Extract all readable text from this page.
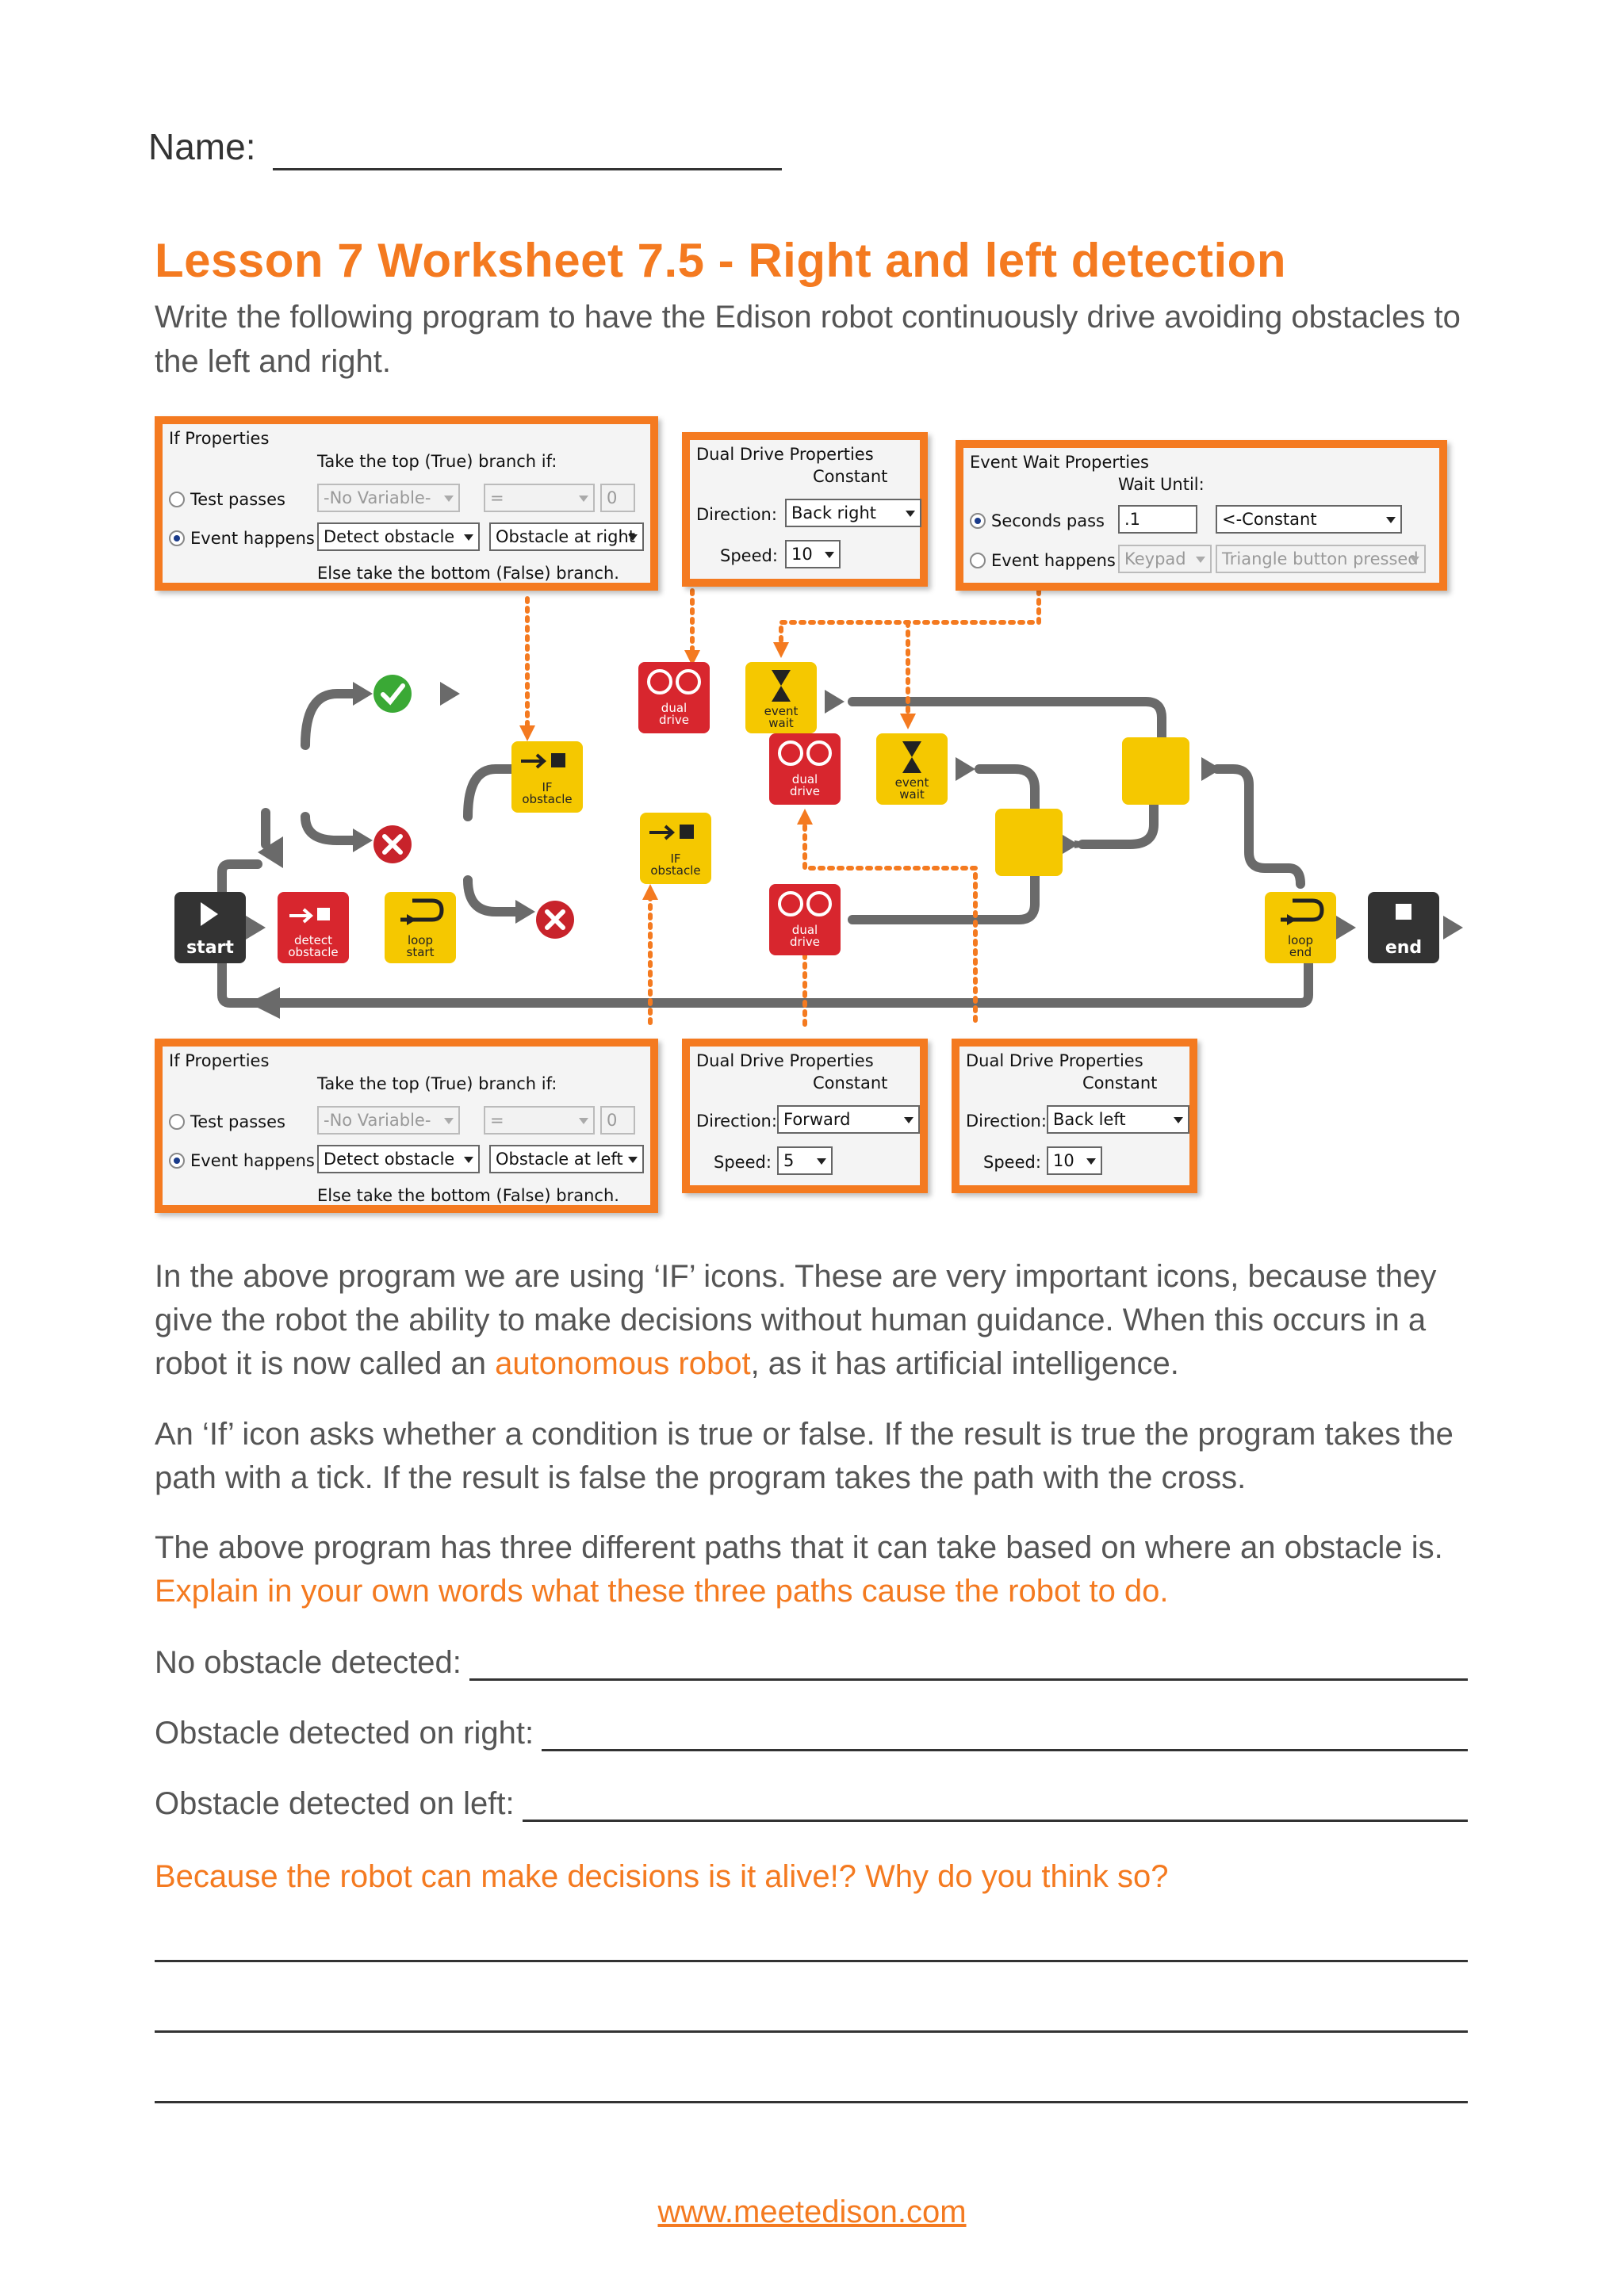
Name:
Lesson 7 Worksheet 7.5 - Right and left detection
Write the following program to have the Edison robot continuously drive avoiding obstacles to the left and right.
start	detect
obstacle
loop
start
IF
obstacle
dual
drive
event
wait
IF
obstacle
dual
drive
event
wait
dual
drive	loop
end	end
If Properties
Take the top (True) branch if:
Test passes	-No Variable-	=	0
Event happens Detect obstacle	Obstacle at right
Else take the bottom (False) branch.
Dual Drive Properties
Constant
Direction: Back right
Speed: 10
Event Wait Properties
Wait Until:
Seconds pass	.1	<-Constant
Event happens Keypad	Triangle button pressed
If Properties
Take the top (True) branch if:
Test passes	-No Variable-	=	0
Event happens Detect obstacle	Obstacle at left
Else take the bottom (False) branch.
Dual Drive Properties
Constant
Direction: Forward
Speed: 5
Dual Drive Properties
Constant
Direction: Back left
Speed: 10
In the above program we are using ‘IF’ icons. These are very important icons, because they give the robot the ability to make decisions without human guidance. When this occurs in a robot it is now called an autonomous robot, as it has artificial intelligence.
An ‘If’ icon asks whether a condition is true or false. If the result is true the program takes the path with a tick. If the result is false the program takes the path with the cross.
The above program has three different paths that it can take based on where an obstacle is. Explain in your own words what these three paths cause the robot to do.
No obstacle detected:
Obstacle detected on right:
Obstacle detected on left:
Because the robot can make decisions is it alive!? Why do you think so?
www.meetedison.com
